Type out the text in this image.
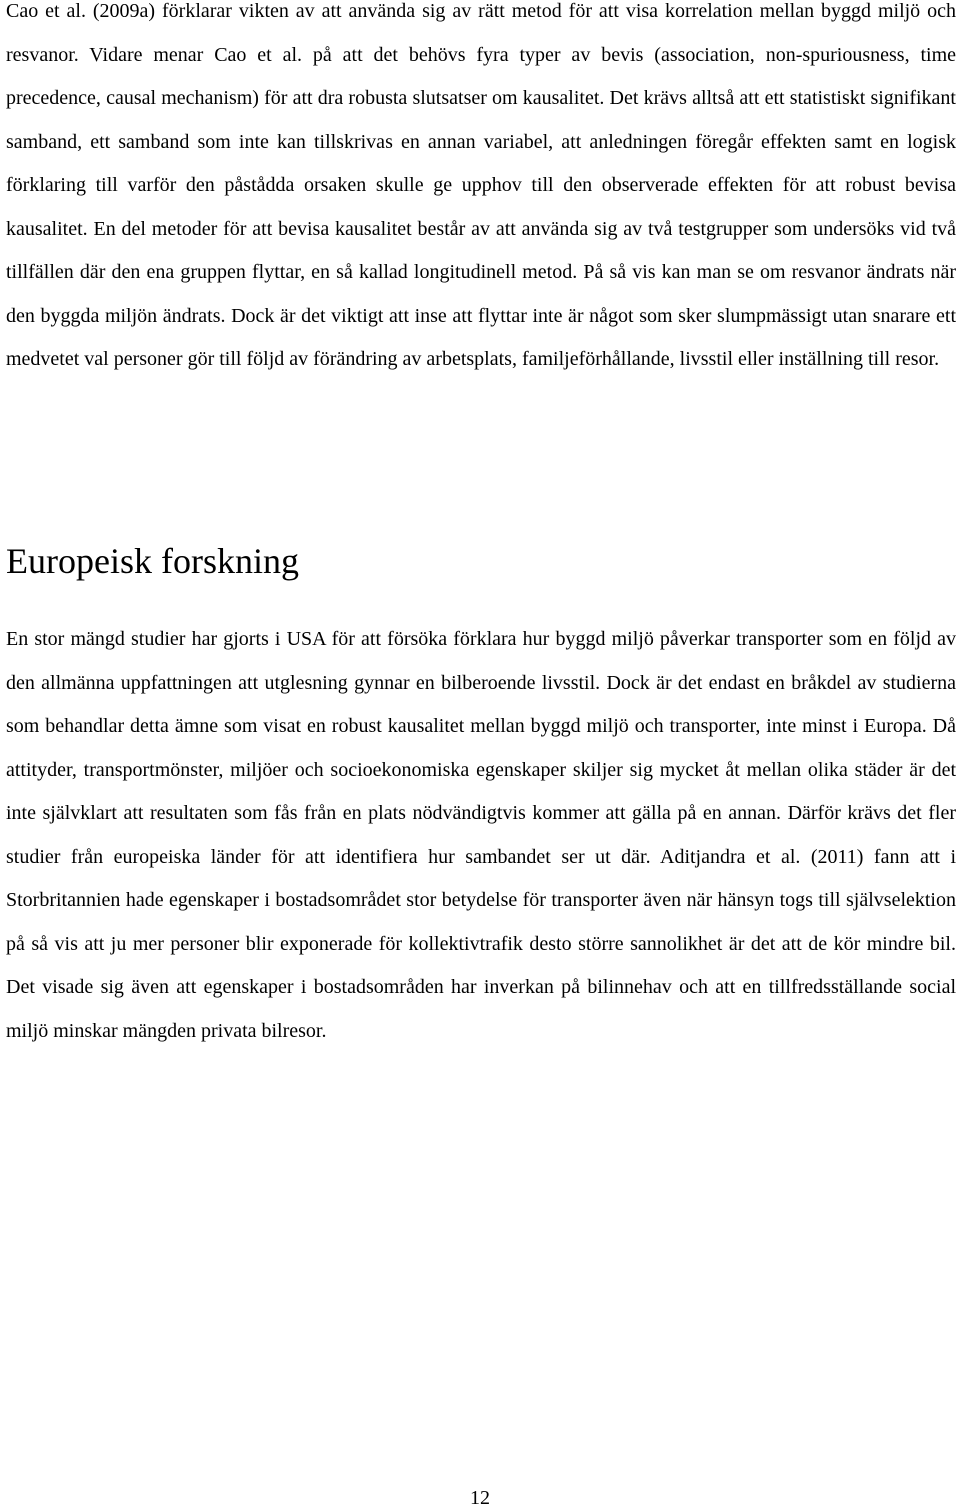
Cao et al. (2009a) förklarar vikten av att använda sig av rätt metod för att visa korrelation mellan byggd miljö och resvanor. Vidare menar Cao et al. på att det behövs fyra typer av bevis (association, non-spuriousness, time precedence, causal mechanism) för att dra robusta slutsatser om kausalitet. Det krävs alltså att ett statistiskt signifikant samband, ett samband som inte kan tillskrivas en annan variabel, att anledningen föregår effekten samt en logisk förklaring till varför den påstådda orsaken skulle ge upphov till den observerade effekten för att robust bevisa kausalitet. En del metoder för att bevisa kausalitet består av att använda sig av två testgrupper som undersöks vid två tillfällen där den ena gruppen flyttar, en så kallad longitudinell metod. På så vis kan man se om resvanor ändrats när den byggda miljön ändrats. Dock är det viktigt att inse att flyttar inte är något som sker slumpmässigt utan snarare ett medvetet val personer gör till följd av förändring av arbetsplats, familjeförhållande, livsstil eller inställning till resor.

Europeisk forskning

En stor mängd studier har gjorts i USA för att försöka förklara hur byggd miljö påverkar transporter som en följd av den allmänna uppfattningen att utglesning gynnar en bilberoende livsstil. Dock är det endast en bråkdel av studierna som behandlar detta ämne som visat en robust kausalitet mellan byggd miljö och transporter, inte minst i Europa. Då attityder, transportmönster, miljöer och socioekonomiska egenskaper skiljer sig mycket åt mellan olika städer är det inte självklart att resultaten som fås från en plats nödvändigtvis kommer att gälla på en annan. Därför krävs det fler studier från europeiska länder för att identifiera hur sambandet ser ut där. Aditjandra et al. (2011) fann att i Storbritannien hade egenskaper i bostadsområdet stor betydelse för transporter även när hänsyn togs till självselektion på så vis att ju mer personer blir exponerade för kollektivtrafik desto större sannolikhet är det att de kör mindre bil. Det visade sig även att egenskaper i bostadsområden har inverkan på bilinnehav och att en tillfredsställande social miljö minskar mängden privata bilresor.

12
